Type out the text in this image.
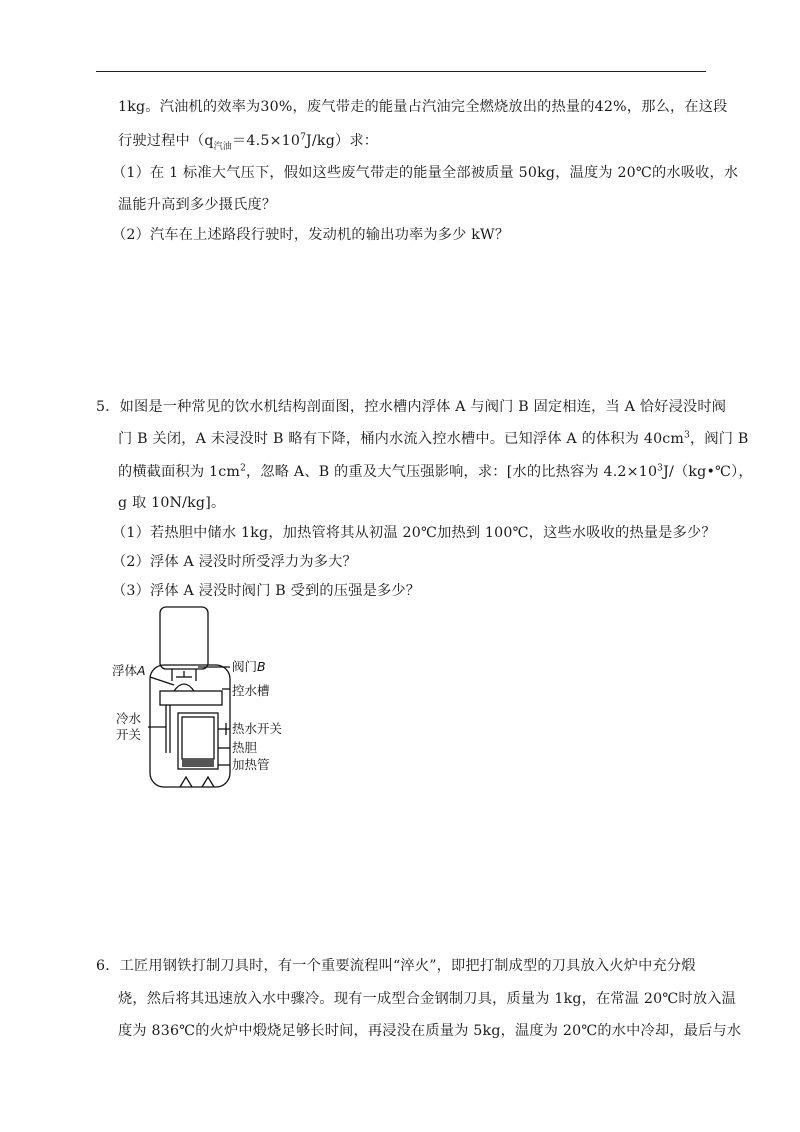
1kg。汽油机的效率为30%，废气带走的能量占汽油完全燃烧放出的热量的42%，那么，在这段
行驶过程中$(q_{汽油}=4.5\times 10^7J/kg)$求：
（1）在 1 标准大气压下，假如这些废气带走的能量全部被质量 50kg，温度为 20℃的水吸收，水
温能升高到多少摄氏度？
（2）汽车在上述路段行驶时，发动机的输出功率为多少 kW？
5．如图是一种常见的饮水机结构剖面图，控水槽内浮体 A 与阀门 B 固定相连，当 A 恰好浸没时阀
门 B 关闭，A 未浸没时 B 略有下降，桶内水流入控水槽中。已知浮体 A 的体积为 $40cm^3$，阀门 B
的横截面积为 $1cm^2$，忽略 A、B 的重及大气压强影响，求：[水的比热容为 $4.2\times 10^3J/(kg•℃)$，
g 取 10N/kg]。
（1）若热胆中储水 1kg，加热管将其从初温 20℃加热到 100℃，这些水吸收的热量是多少？
（2）浮体 A 浸没时所受浮力为多大？
（3）浮体 A 浸没时阀门 B 受到的压强是多少？
浮体A	阀门B
控水槽
冷水
开关	热水开关
热胆
加热管
6．工匠用钢铁打制刀具时，有一个重要流程叫“淬火”，即把打制成型的刀具放入火炉中充分煅
烧，然后将其迅速放入水中骤冷。现有一成型合金钢制刀具，质量为 1kg，在常温 20℃时放入温
度为 836℃的火炉中煅烧足够长时间，再浸没在质量为 5kg，温度为 20℃的水中冷却，最后与水
